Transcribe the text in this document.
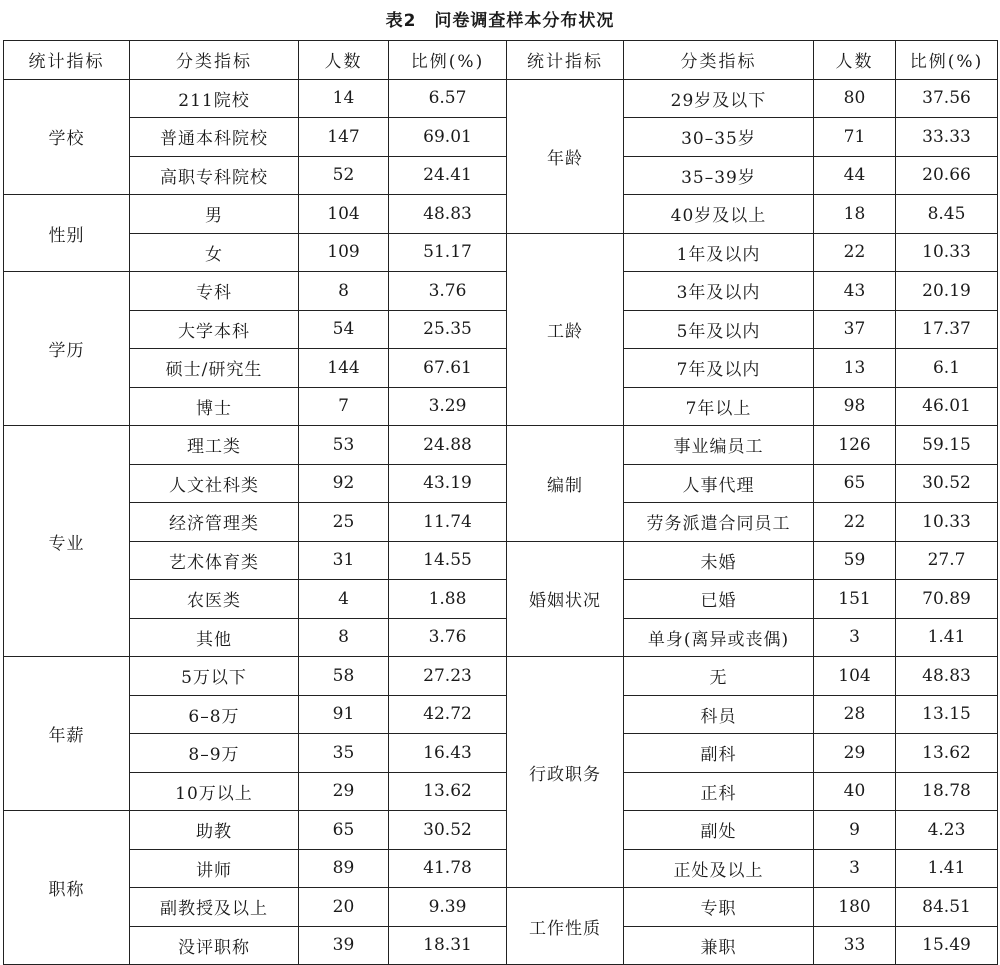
表2　问卷调查样本分布状况
统计指标	分类指标	人数	比例(%)	统计指标	分类指标	人数	比例(%)
学校	211院校	14	6.57	年龄	29岁及以下	80	37.56
	普通本科院校	147	69.01		30–35岁	71	33.33
	高职专科院校	52	24.41		35–39岁	44	20.66
性别	男	104	48.83		40岁及以上	18	8.45
	女	109	51.17	工龄	1年及以内	22	10.33
学历	专科	8	3.76		3年及以内	43	20.19
	大学本科	54	25.35		5年及以内	37	17.37
	硕士/研究生	144	67.61		7年及以内	13	6.1
	博士	7	3.29		7年以上	98	46.01
专业	理工类	53	24.88	编制	事业编员工	126	59.15
	人文社科类	92	43.19		人事代理	65	30.52
	经济管理类	25	11.74		劳务派遣合同员工	22	10.33
	艺术体育类	31	14.55	婚姻状况	未婚	59	27.7
	农医类	4	1.88		已婚	151	70.89
	其他	8	3.76		单身(离异或丧偶)	3	1.41
年薪	5万以下	58	27.23	行政职务	无	104	48.83
	6–8万	91	42.72		科员	28	13.15
	8–9万	35	16.43		副科	29	13.62
	10万以上	29	13.62		正科	40	18.78
职称	助教	65	30.52		副处	9	4.23
	讲师	89	41.78		正处及以上	3	1.41
	副教授及以上	20	9.39	工作性质	专职	180	84.51
	没评职称	39	18.31		兼职	33	15.49
